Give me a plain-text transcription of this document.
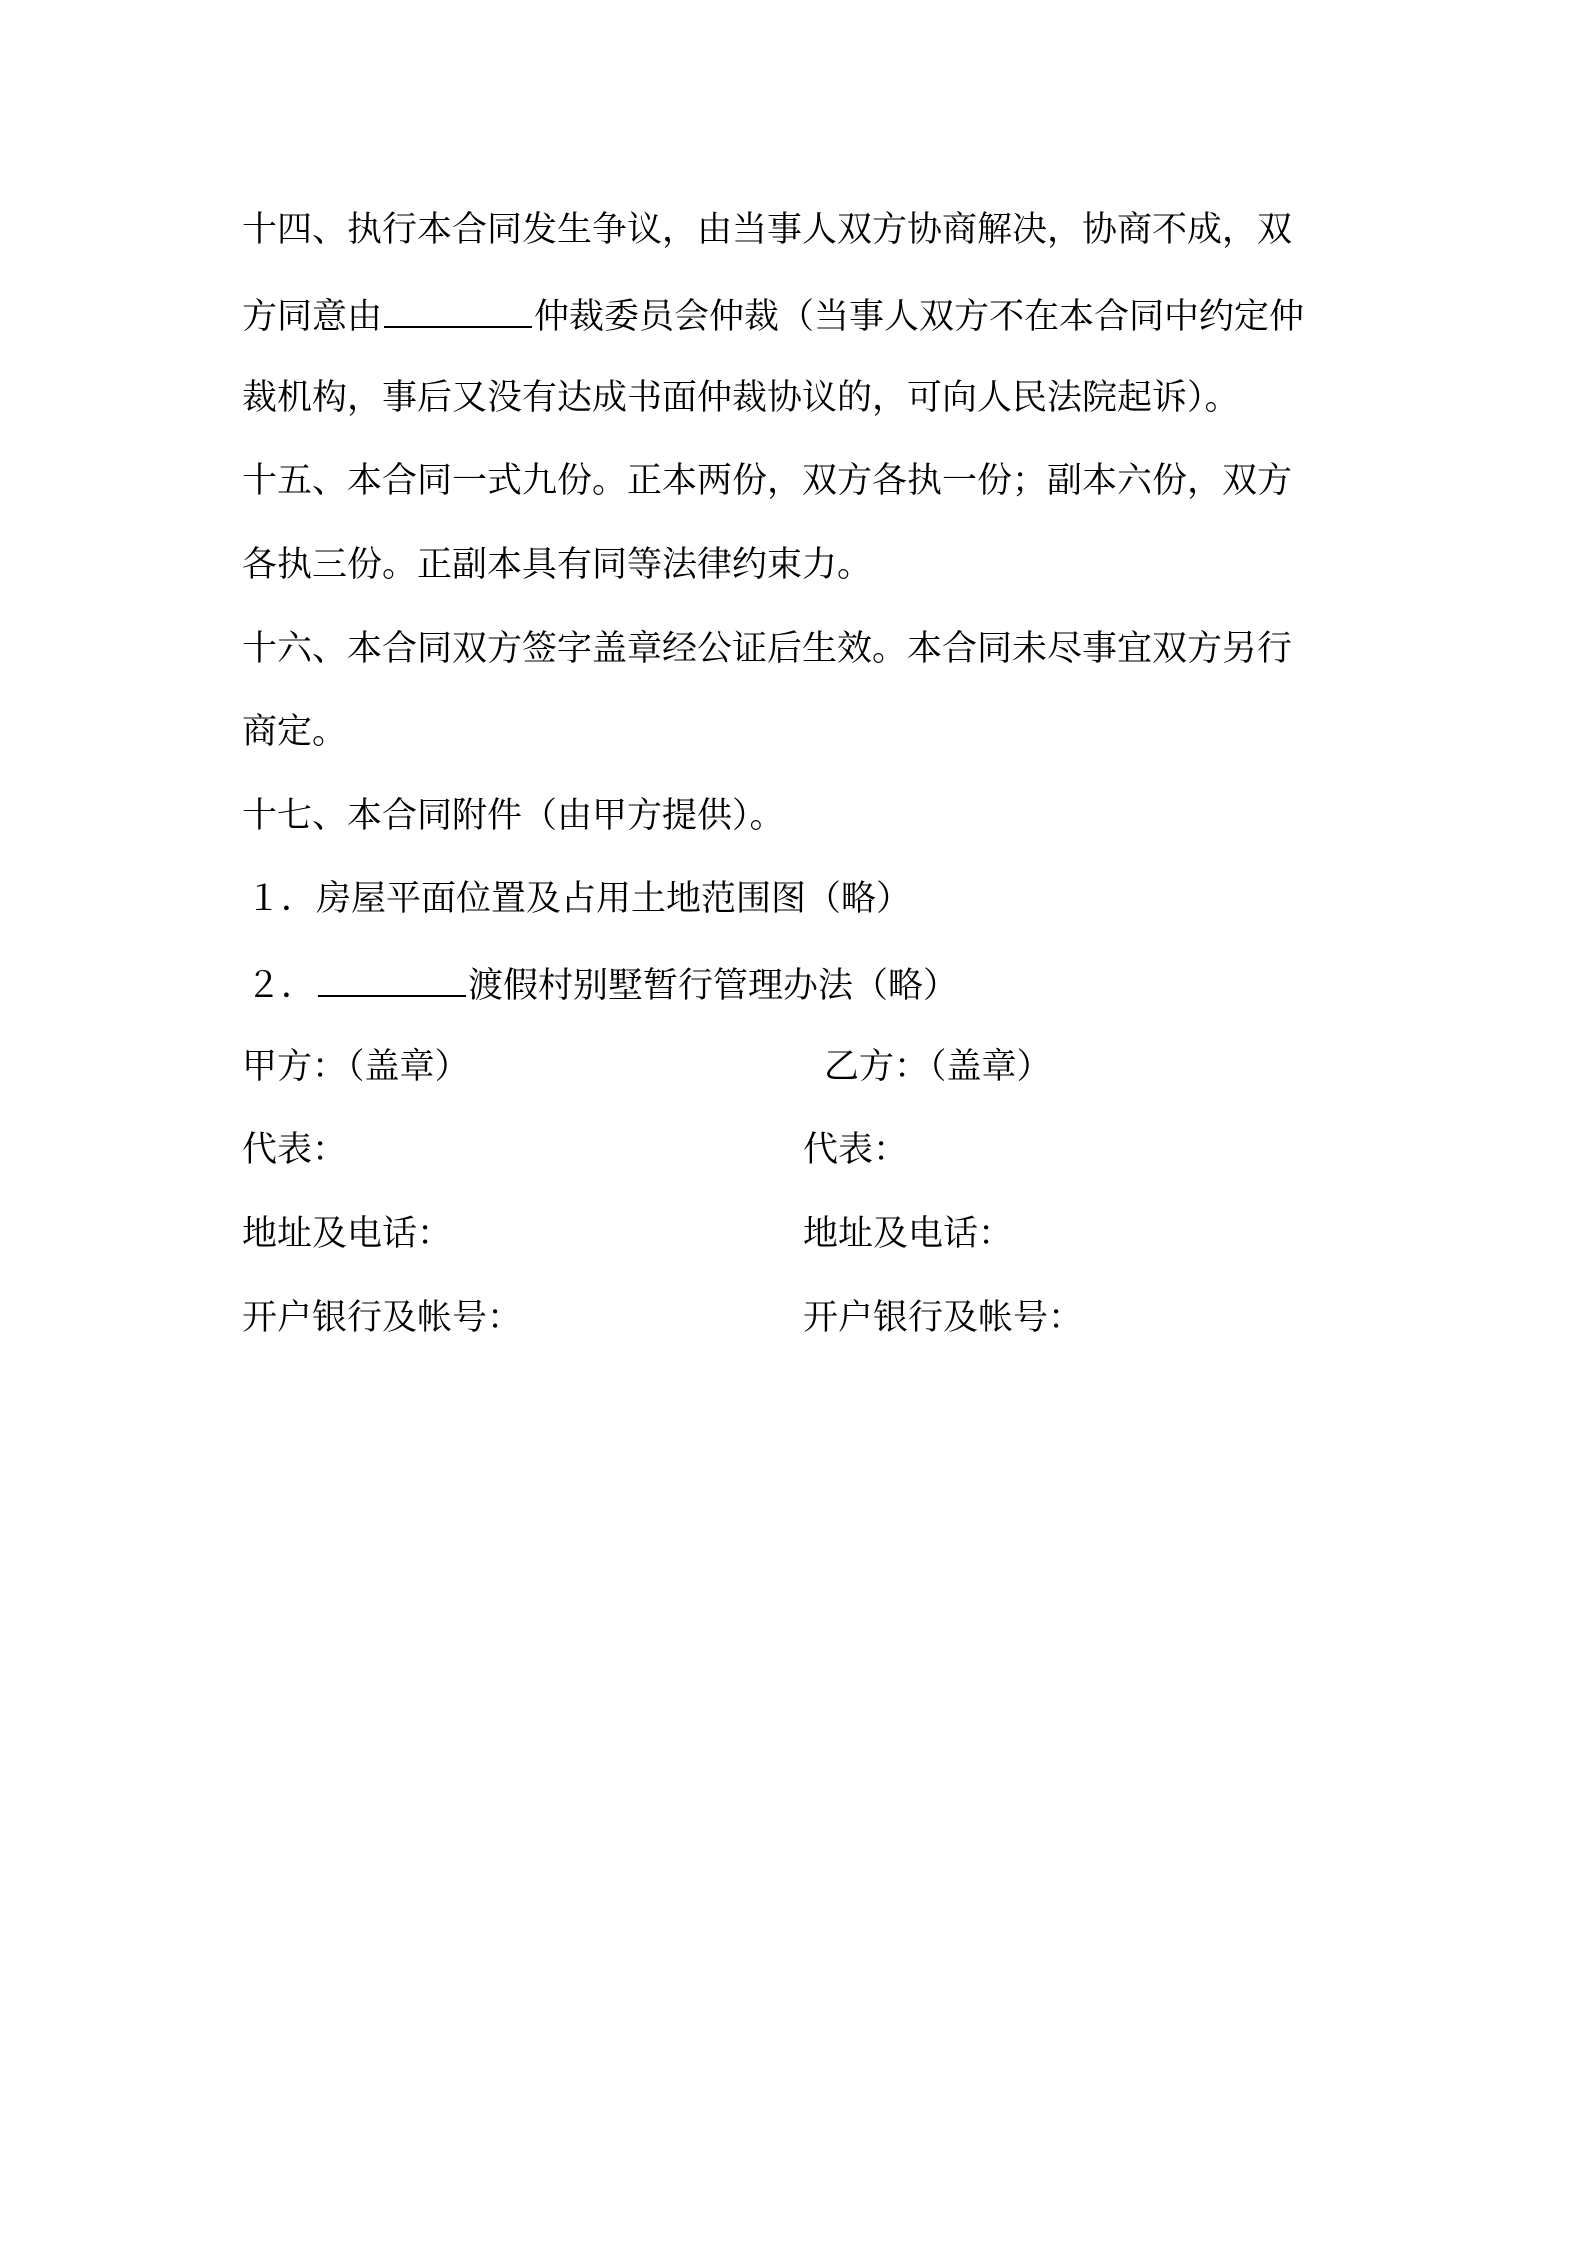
十四、执行本合同发生争议，由当事人双方协商解决，协商不成，双
方同意由	仲裁委员会仲裁（当事人双方不在本合同中约定仲
裁机构，事后又没有达成书面仲裁协议的，可向人民法院起诉）。
十五、本合同一式九份。正本两份，双方各执一份；副本六份，双方
各执三份。正副本具有同等法律约束力。
十六、本合同双方签字盖章经公证后生效。本合同未尽事宜双方另行
商定。
十七、本合同附件（由甲方提供）。
１．房屋平面位置及占用土地范围图（略）
２．	渡假村别墅暂行管理办法（略）
甲方：（盖章）	乙方：（盖章）
代表：	代表：
地址及电话：	地址及电话：
开户银行及帐号：	开户银行及帐号：
